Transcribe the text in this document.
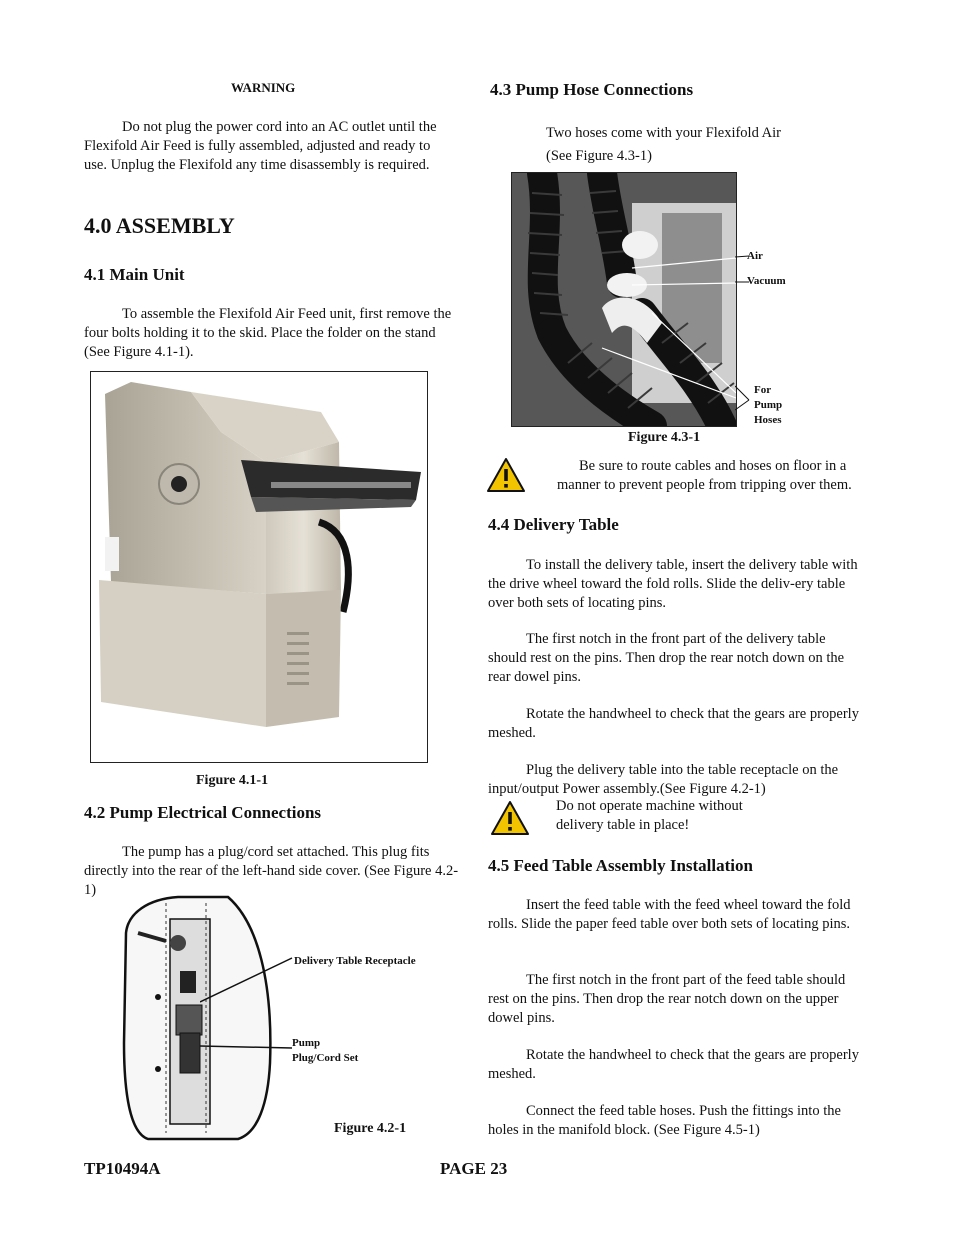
WARNING
Do not plug the power cord into an AC outlet until the Flexifold Air Feed is fully assembled, adjusted and ready to use. Unplug the Flexifold any time disassembly is required.
4.0 ASSEMBLY
4.1 Main Unit
To assemble the Flexifold Air Feed unit, first remove the four bolts holding it to the skid. Place the folder on the stand (See Figure 4.1-1).
Figure 4.1-1
4.2 Pump Electrical Connections
The pump has a plug/cord set attached. This plug fits directly into the rear of the left-hand side cover. (See Figure 4.2-1)
Delivery Table Receptacle
Pump
Plug/Cord Set
Figure 4.2-1
4.3 Pump Hose Connections
Two hoses come with your Flexifold Air
(See Figure 4.3-1)
Air
Vacuum
For
Pump
Hoses
Figure 4.3-1
Be sure to route cables and hoses on floor in a manner to prevent people from tripping over them.
4.4 Delivery Table
To install the delivery table, insert the delivery table with the drive wheel toward the fold rolls. Slide the deliv-ery table over both sets of locating pins.
The first notch in the front part of the delivery table should rest on the pins. Then drop the rear notch down on the rear dowel pins.
Rotate the handwheel to check that the gears are properly meshed.
Plug the delivery table into the table receptacle on the input/output Power assembly.(See Figure 4.2-1)
Do not operate machine without
delivery table in place!
4.5 Feed Table Assembly Installation
Insert the feed table with the feed wheel toward the fold rolls. Slide the paper feed table over both sets of locating pins.
The first notch in the front part of the feed table should rest on the pins. Then drop the rear notch down on the upper dowel pins.
Rotate the handwheel to check that the gears are properly meshed.
Connect the feed table hoses. Push the fittings into the holes in the manifold block. (See Figure 4.5-1)
TP10494A	PAGE 23
